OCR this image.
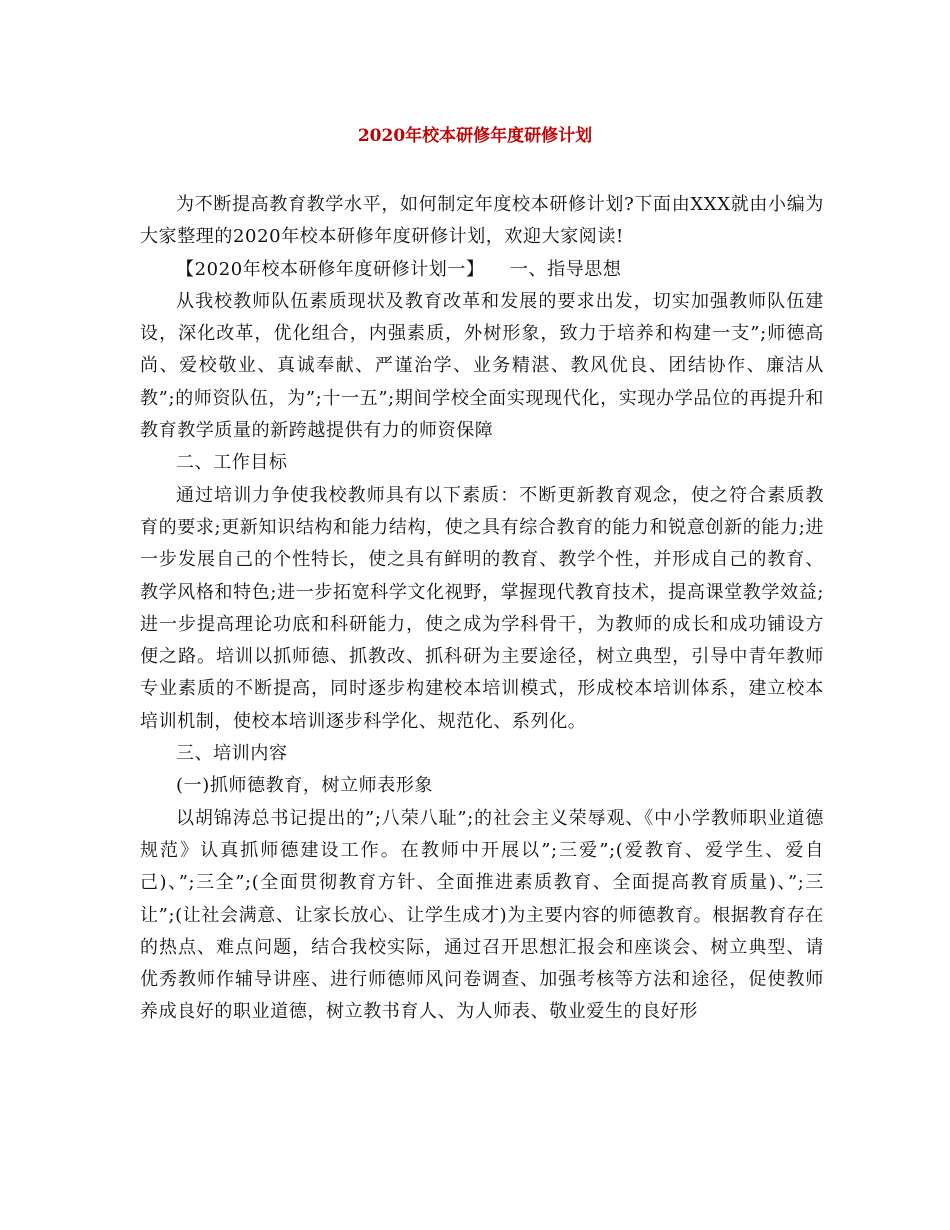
2020年校本研修年度研修计划

为不断提高教育教学水平，如何制定年度校本研修计划?下面由XXX就由小编为大家整理的2020年校本研修年度研修计划，欢迎大家阅读!

【2020年校本研修年度研修计划一】    一、指导思想

从我校教师队伍素质现状及教育改革和发展的要求出发，切实加强教师队伍建设，深化改革，优化组合，内强素质，外树形象，致力于培养和构建一支”;师德高尚、爱校敬业、真诚奉献、严谨治学、业务精湛、教风优良、团结协作、廉洁从教”;的师资队伍，为”;十一五”;期间学校全面实现现代化，实现办学品位的再提升和教育教学质量的新跨越提供有力的师资保障

二、工作目标

通过培训力争使我校教师具有以下素质：不断更新教育观念，使之符合素质教育的要求;更新知识结构和能力结构，使之具有综合教育的能力和锐意创新的能力;进一步发展自己的个性特长，使之具有鲜明的教育、教学个性，并形成自己的教育、教学风格和特色;进一步拓宽科学文化视野，掌握现代教育技术，提高课堂教学效益;进一步提高理论功底和科研能力，使之成为学科骨干，为教师的成长和成功铺设方便之路。培训以抓师德、抓教改、抓科研为主要途径，树立典型，引导中青年教师专业素质的不断提高，同时逐步构建校本培训模式，形成校本培训体系，建立校本培训机制，使校本培训逐步科学化、规范化、系列化。

三、培训内容

(一)抓师德教育，树立师表形象

以胡锦涛总书记提出的”;八荣八耻”;的社会主义荣辱观、《中小学教师职业道德规范》认真抓师德建设工作。在教师中开展以”;三爱”;(爱教育、爱学生、爱自己)、”;三全”;(全面贯彻教育方针、全面推进素质教育、全面提高教育质量)、”;三让”;(让社会满意、让家长放心、让学生成才)为主要内容的师德教育。根据教育存在的热点、难点问题，结合我校实际，通过召开思想汇报会和座谈会、树立典型、请优秀教师作辅导讲座、进行师德师风问卷调查、加强考核等方法和途径，促使教师养成良好的职业道德，树立教书育人、为人师表、敬业爱生的良好形
